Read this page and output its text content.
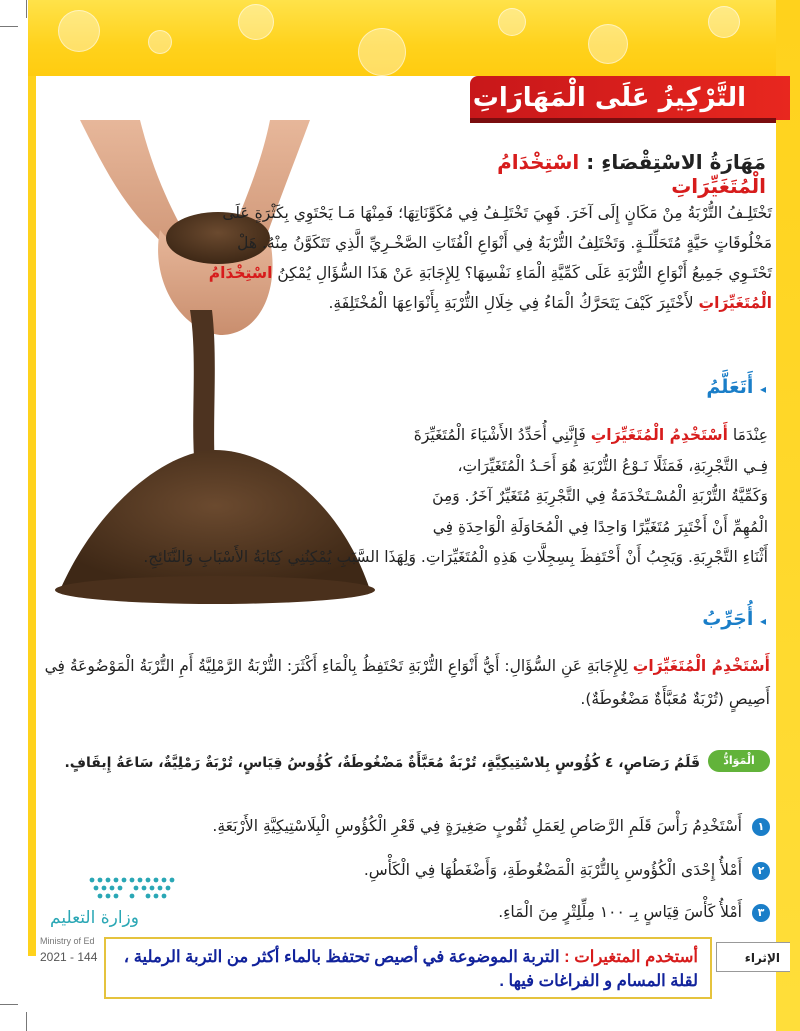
التَّرْكِيزُ عَلَى الْمَهَارَاتِ
مَهَارَةُ الاسْتِقْصَاءِ : اسْتِخْدَامُ الْمُتَغَيِّرَاتِ
تَخْتَلِـفُ التُّرْبَةُ مِنْ مَكَانٍ إِلَى آخَرَ. فَهِيَ تَخْتَلِـفُ فِي مُكَوِّنَاتِهَا؛ فَمِنْهَا مَـا يَحْتَوِي بِكَثْرَةٍ عَلَى مَخْلُوقَاتٍ حَيَّةٍ مُتَحَلِّلَـةٍ. وَتَخْتَلِفُ التُّرْبَةُ فِي أَنْوَاعِ الْفُتَاتِ الصَّخْـرِيِّ الَّذِي تَتَكَوَّنُ مِنْهُ. هَلْ تَحْتَـوِي جَمِيعُ أَنْوَاعِ التُّرْبَةِ عَلَى كَمِّيَّةِ الْمَاءِ نَفْسِهَا؟ لِلإِجَابَةِ عَنْ هَذَا السُّؤَالِ يُمْكِنُ اسْتِخْدَامُ الْمُتَغَيِّرَاتِ لأَخْتَبِرَ كَيْفَ يَتَحَرَّكُ الْمَاءُ فِي خِلَالِ التُّرْبَةِ بِأَنْوَاعِهَا الْمُخْتَلِفَةِ.
◂ أَتَعَلَّمُ
عِنْدَمَا أَسْتَخْدِمُ الْمُتَغَيِّرَاتِ فَإِنَّنِي أُحَدِّدُ الأَشْيَاءَ الْمُتَغَيِّرَةَ
فِـي التَّجْرِبَةِ، فَمَثَلًا نَـوْعُ التُّرْبَةِ هُوَ أَحَـدُ الْمُتَغَيِّرَاتِ،
وَكَمِّيَّةُ التُّرْبَةِ الْمُسْـتَخْدَمَةُ فِي التَّجْرِبَةِ مُتَغَيِّرٌ آخَرُ. وَمِنَ
الْمُهِمِّ أَنْ أَخْتَبِرَ مُتَغَيِّرًا وَاحِدًا فِي الْمُحَاوَلَةِ الْوَاحِدَةِ فِي
أَثْنَاءِ التَّجْرِبَةِ. وَيَجِبُ أَنْ أَحْتَفِظَ بِسِجِلَّاتِ هَذِهِ الْمُتَغَيِّرَاتِ. وَلِهَذَا السَّبَبِ يُمْكِنُنِي كِتَابَةُ الأَسْبَابِ وَالنَّتَائِجِ.
◂ أُجَرِّبُ
أَسْتَخْدِمُ الْمُتَغَيِّرَاتِ لِلإِجَابَةِ عَنِ السُّؤَالِ: أَيُّ أَنْوَاعِ التُّرْبَةِ تَحْتَفِظُ بِالْمَاءِ أَكْثَرَ: التُّرْبَةُ الرَّمْلِيَّةُ أَمِ التُّرْبَةُ الْمَوْضُوعَةُ فِي أَصِيصٍ (تُرْبَةٌ مُعَبَّأَةٌ مَضْغُوطَةٌ).
الْمَوَادُّ وَالأَدَوَاتُ
قَلَمُ رَصَاصٍ، ٤ كُؤُوسٍ بِلاسْتِيكِيَّةٍ، تُرْبَةٌ مُعَبَّأَةٌ مَضْغُوطَةٌ، كُؤُوسُ قِيَاسٍ، تُرْبَةٌ رَمْلِيَّةٌ، سَاعَةُ إِيقَافٍ.
١أَسْتَخْدِمُ رَأْسَ قَلَمِ الرَّصَاصِ لِعَمَلِ ثُقُوبٍ صَغِيرَةٍ فِي قَعْرِ الْكُؤُوسِ الْبِلَاسْتِيكِيَّةِ الأَرْبَعَةِ.
٢أَمْلأُ إِحْدَى الْكُؤُوسِ بِالتُّرْبَةِ الْمَضْغُوطَةِ، وَأَضْغَطُهَا فِي الْكَأْسِ.
٣أَمْلأُ كَأْسَ قِيَاسٍ بِـ ١٠٠ مِلِّلِتْرٍ مِنَ الْمَاءِ.
وزارة التعليم
Ministry of Ed
2021 - 144	الإثراء
أستخدم المتغيرات : التربة الموضوعة في أصيص تحتفظ بالماء أكثر من التربة الرملية ، لقلة المسام و الفراغات فيها .
